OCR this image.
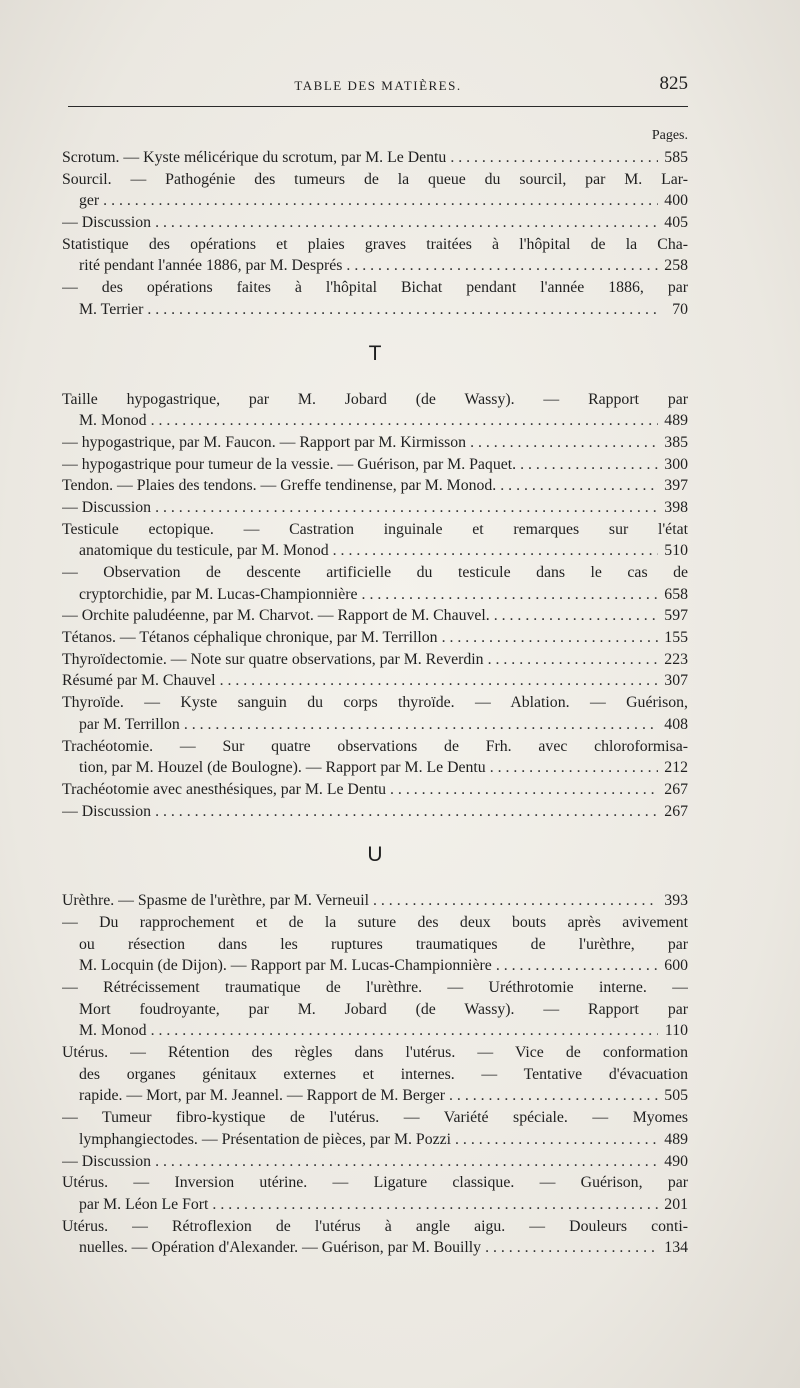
TABLE DES MATIÈRES.	825
Pages.
Scrotum. — Kyste mélicérique du scrotum, par M. Le Dentu . . .	585
Sourcil. — Pathogénie des tumeurs de la queue du sourcil, par M. Lar-
ger . . .	400
— Discussion . . .	405
Statistique des opérations et plaies graves traitées à l'hôpital de la Cha-
rité pendant l'année 1886, par M. Després . . .	258
— des opérations faites à l'hôpital Bichat pendant l'année 1886, par
M. Terrier . . .	70
T
Taille hypogastrique, par M. Jobard (de Wassy). — Rapport par
M. Monod . . .	489
— hypogastrique, par M. Faucon. — Rapport par M. Kirmisson . . .	385
— hypogastrique pour tumeur de la vessie. — Guérison, par M. Paquet. . . .	300
Tendon. — Plaies des tendons. — Greffe tendinense, par M. Monod. . . .	397
— Discussion . . .	398
Testicule ectopique. — Castration inguinale et remarques sur l'état
anatomique du testicule, par M. Monod . . .	510
— Observation de descente artificielle du testicule dans le cas de
cryptorchidie, par M. Lucas-Championnière . . .	658
— Orchite paludéenne, par M. Charvot. — Rapport de M. Chauvel. . . .	597
Tétanos. — Tétanos céphalique chronique, par M. Terrillon . . .	155
Thyroïdectomie. — Note sur quatre observations, par M. Reverdin . . .	223
Résumé par M. Chauvel . . .	307
Thyroïde. — Kyste sanguin du corps thyroïde. — Ablation. — Guérison,
par M. Terrillon . . .	408
Trachéotomie. — Sur quatre observations de Frh. avec chloroformisa-
tion, par M. Houzel (de Boulogne). — Rapport par M. Le Dentu . . .	212
Trachéotomie avec anesthésiques, par M. Le Dentu . . .	267
— Discussion . . .	267
U
Urèthre. — Spasme de l'urèthre, par M. Verneuil . . .	393
— Du rapprochement et de la suture des deux bouts après avivement
ou résection dans les ruptures traumatiques de l'urèthre, par
M. Locquin (de Dijon). — Rapport par M. Lucas-Championnière . . .	600
— Rétrécissement traumatique de l'urèthre. — Uréthrotomie interne. —
Mort foudroyante, par M. Jobard (de Wassy). — Rapport par
M. Monod . . .	110
Utérus. — Rétention des règles dans l'utérus. — Vice de conformation
des organes génitaux externes et internes. — Tentative d'évacuation
rapide. — Mort, par M. Jeannel. — Rapport de M. Berger . . .	505
— Tumeur fibro-kystique de l'utérus. — Variété spéciale. — Myomes
lymphangiectodes. — Présentation de pièces, par M. Pozzi . . .	489
— Discussion . . .	490
Utérus. — Inversion utérine. — Ligature classique. — Guérison, par
par M. Léon Le Fort . . .	201
Utérus. — Rétroflexion de l'utérus à angle aigu. — Douleurs conti-
nuelles. — Opération d'Alexander. — Guérison, par M. Bouilly . . .	134
